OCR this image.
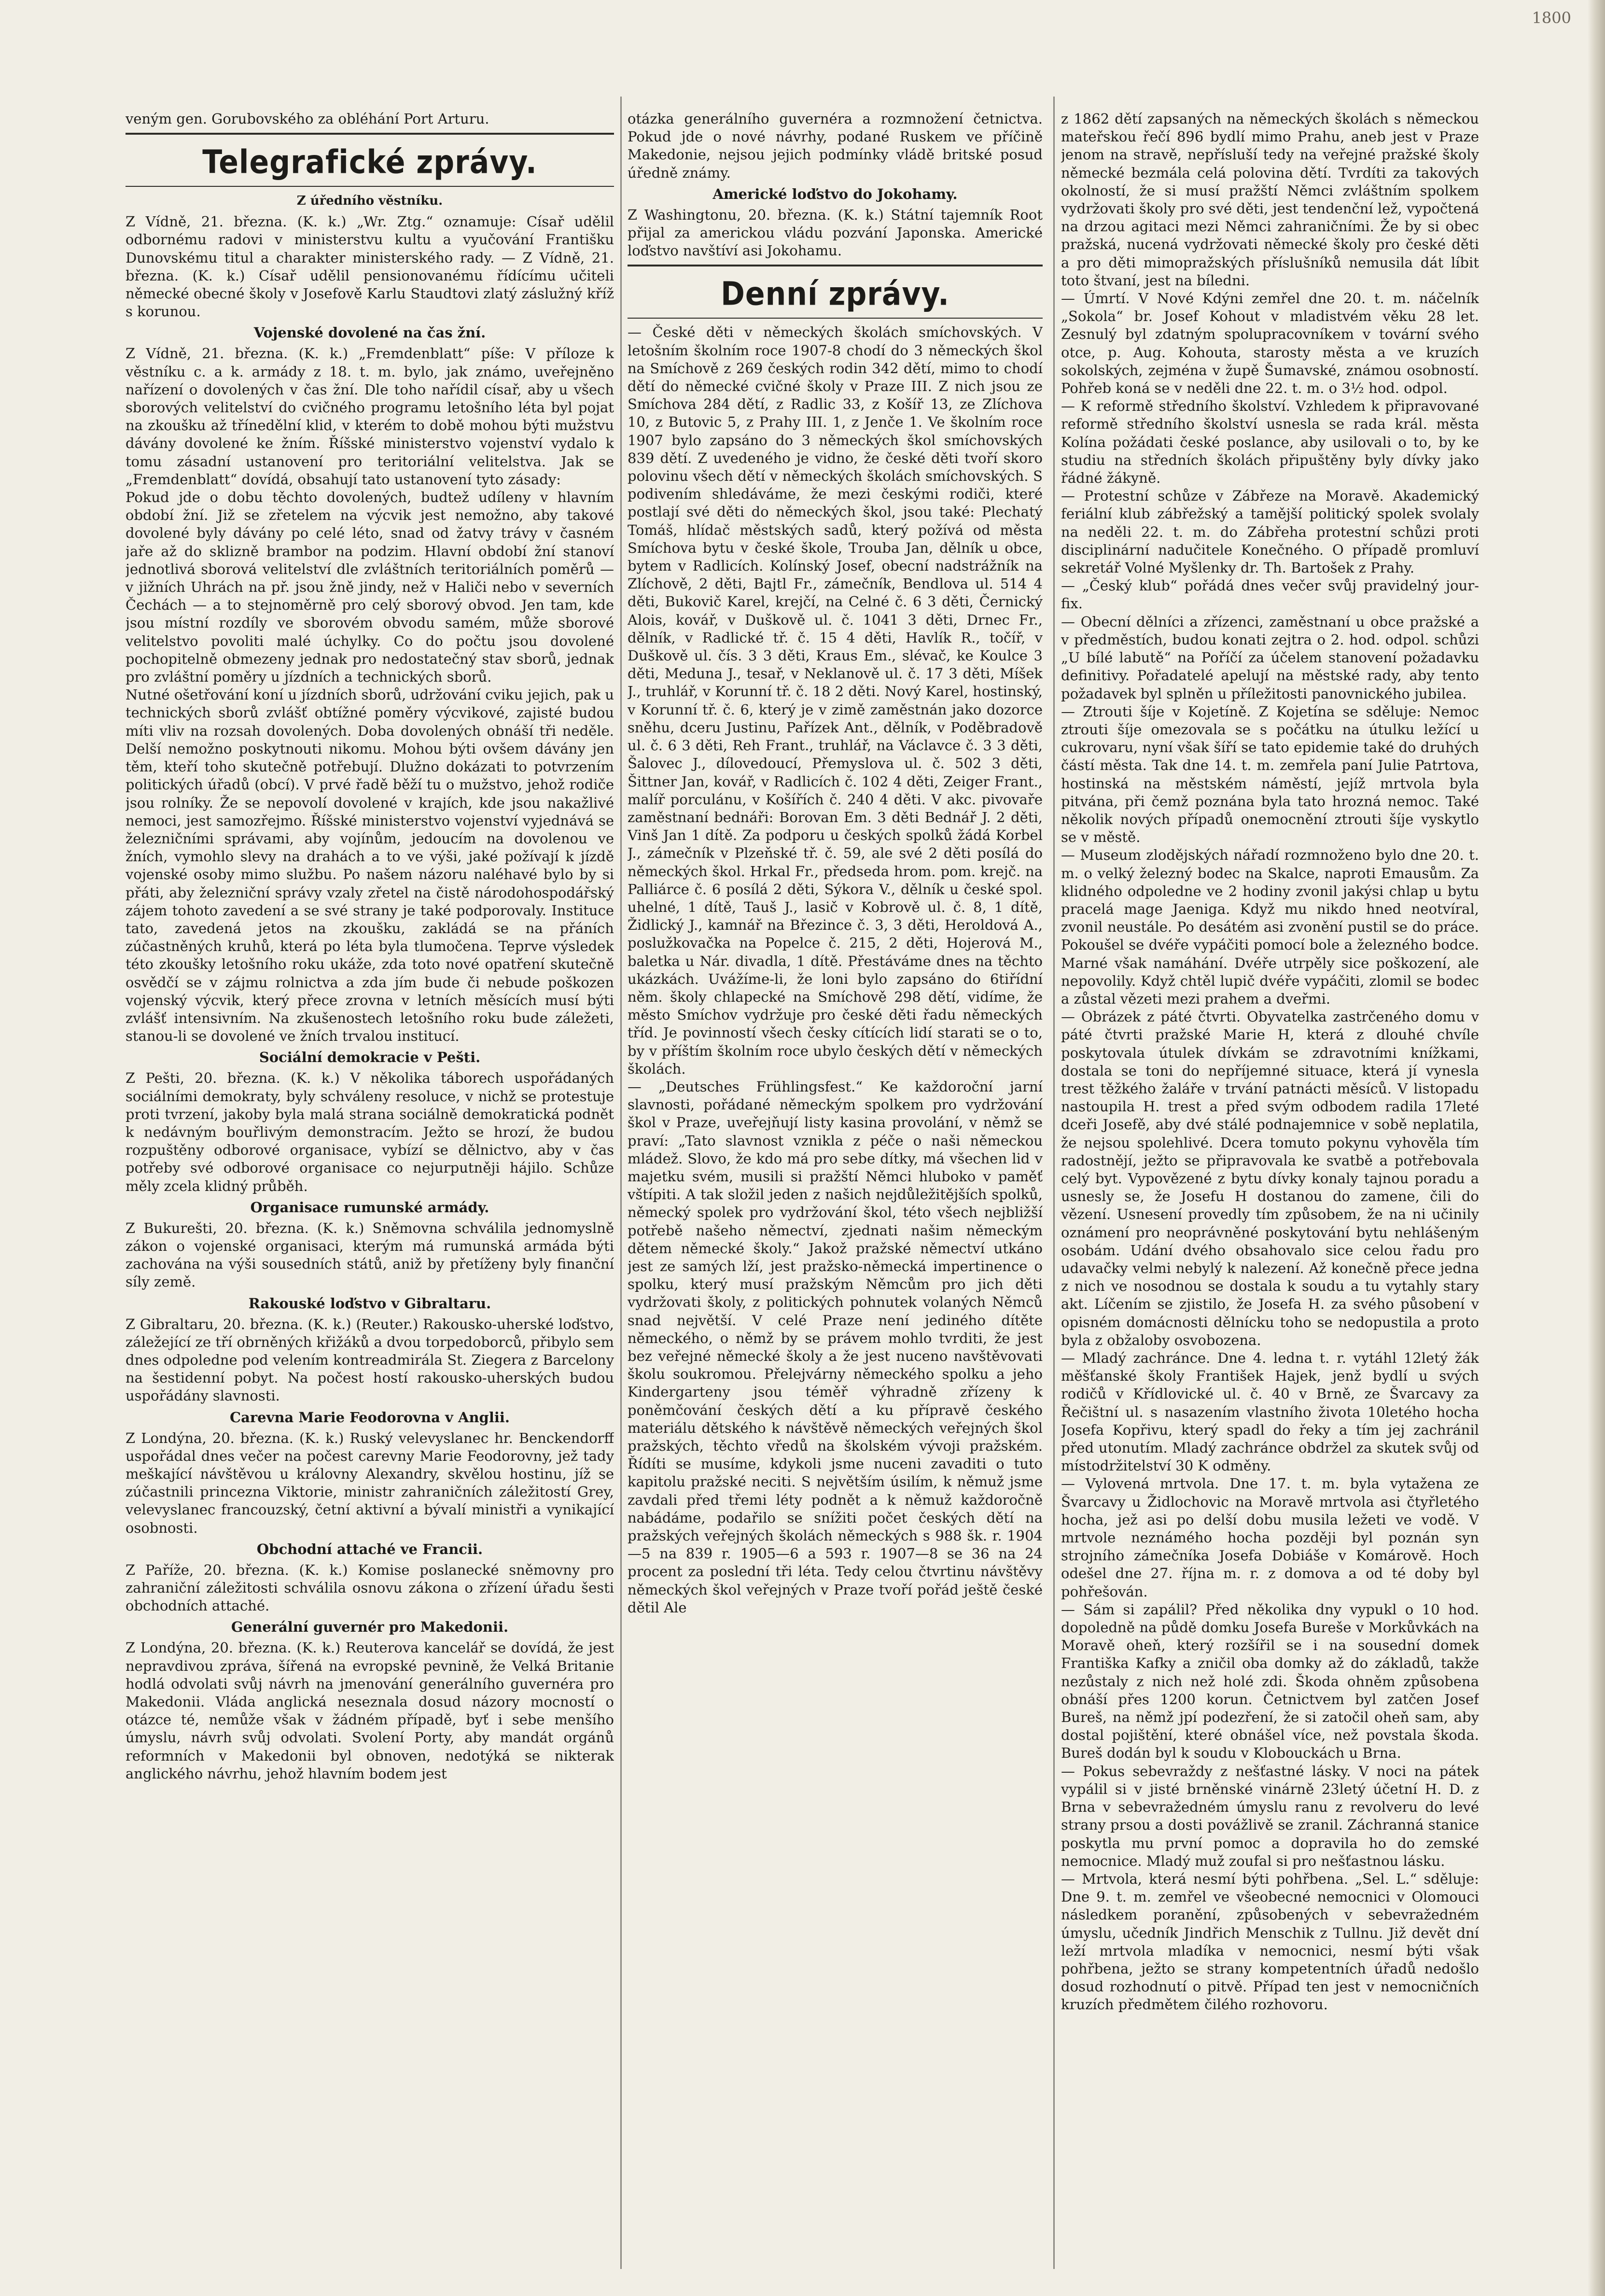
1800

veným gen. Gorubovského za obléhání Port Arturu.

Telegrafické zprávy.
Z úředního věstníku.

Z Vídně, 21. března. (K. k.) „Wr. Ztg.“ oznamuje: Císař udělil odbornému radovi v ministerstvu kultu a vyučování Františku Dunovskému titul a charakter ministerského rady. — Z Vídně, 21. března. (K. k.) Císař udělil pensionovanému řídícímu učiteli německé obecné školy v Josefově Karlu Staudtovi zlatý záslužný kříž s korunou.

Vojenské dovolené na čas žní.

Z Vídně, 21. března. (K. k.) „Fremdenblatt“ píše: V příloze k věstníku c. a k. armády z 18. t. m. bylo, jak známo, uveřejněno nařízení o dovolených v čas žní. Dle toho nařídil císař, aby u všech sborových velitelství do cvičného programu letošního léta byl pojat na zkoušku až třínedělní klid, v kterém to době mohou býti mužstvu dávány dovolené ke žním. Říšské ministerstvo vojenství vydalo k tomu zásadní ustanovení pro teritoriální velitelstva. Jak se „Fremdenblatt“ dovídá, obsahují tato ustanovení tyto zásady:

Pokud jde o dobu těchto dovolených, budtež udíleny v hlavním období žní. Již se zřetelem na výcvik jest nemožno, aby takové dovolené byly dávány po celé léto, snad od žatvy trávy v časném jaře až do sklizně brambor na podzim. Hlavní období žní stanoví jednotlivá sborová velitelství dle zvláštních teritoriálních poměrů — v jižních Uhrách na př. jsou žně jindy, než v Haliči nebo v severních Čechách — a to stejnoměrně pro celý sborový obvod. Jen tam, kde jsou místní rozdíly ve sborovém obvodu samém, může sborové velitelstvo povoliti malé úchylky. Co do počtu jsou dovolené pochopitelně obmezeny jednak pro nedostatečný stav sborů, jednak pro zvláštní poměry u jízdních a technických sborů.

Nutné ošetřování koní u jízdních sborů, udržování cviku jejich, pak u technických sborů zvlášť obtížné poměry výcvikové, zajisté budou míti vliv na rozsah dovolených. Doba dovolených obnáší tři neděle. Delší nemožno poskytnouti nikomu. Mohou býti ovšem dávány jen těm, kteří toho skutečně potřebují. Dlužno dokázati to potvrzením politických úřadů (obcí). V prvé řadě běží tu o mužstvo, jehož rodiče jsou rolníky. Že se nepovolí dovolené v krajích, kde jsou nakažlivé nemoci, jest samozřejmo. Říšské ministerstvo vojenství vyjednává se železničními správami, aby vojínům, jedoucím na dovolenou ve žních, vymohlo slevy na drahách a to ve výši, jaké požívají k jízdě vojenské osoby mimo službu. Po našem názoru naléhavé bylo by si přáti, aby železniční správy vzaly zřetel na čistě národohospodářský zájem tohoto zavedení a se své strany je také podporovaly. Instituce tato, zavedená jetos na zkoušku, zakládá se na přáních zúčastněných kruhů, která po léta byla tlumočena. Teprve výsledek této zkoušky letošního roku ukáže, zda toto nové opatření skutečně osvědčí se v zájmu rolnictva a zda jím bude či nebude poškozen vojenský výcvik, který přece zrovna v letních měsících musí býti zvlášť intensivním. Na zkušenostech letošního roku bude záležeti, stanou-li se dovolené ve žních trvalou institucí.

Sociální demokracie v Pešti.

Z Pešti, 20. března. (K. k.) V několika táborech uspořádaných sociálními demokraty, byly schváleny resoluce, v nichž se protestuje proti tvrzení, jakoby byla malá strana sociálně demokratická podnět k nedávným bouřlivým demonstracím. Ježto se hrozí, že budou rozpuštěny odborové organisace, vybízí se dělnictvo, aby v čas potřeby své odborové organisace co nejurputněji hájilo. Schůze měly zcela klidný průběh.

Organisace rumunské armády.

Z Bukurešti, 20. března. (K. k.) Sněmovna schválila jednomyslně zákon o vojenské organisaci, kterým má rumunská armáda býti zachována na výši sousedních států, aniž by přetíženy byly finanční síly země.

Rakouské loďstvo v Gibraltaru.

Z Gibraltaru, 20. března. (K. k.) (Reuter.) Rakousko-uherské loďstvo, záležející ze tří obrněných křižáků a dvou torpedoborců, přibylo sem dnes odpoledne pod velením kontreadmirála St. Ziegera z Barcelony na šestidenní pobyt. Na počest hostí rakousko-uherských budou uspořádány slavnosti.

Carevna Marie Feodorovna v Anglii.

Z Londýna, 20. března. (K. k.) Ruský velevyslanec hr. Benckendorff uspořádal dnes večer na počest carevny Marie Feodorovny, jež tady meškající návštěvou u královny Alexandry, skvělou hostinu, jíž se zúčastnili princezna Viktorie, ministr zahraničních záležitostí Grey, velevyslanec francouzský, četní aktivní a bývalí ministři a vynikající osobnosti.

Obchodní attaché ve Francii.

Z Paříže, 20. března. (K. k.) Komise poslanecké sněmovny pro zahraniční záležitosti schválila osnovu zákona o zřízení úřadu šesti obchodních attaché.

Generální guvernér pro Makedonii.

Z Londýna, 20. března. (K. k.) Reuterova kancelář se dovídá, že jest nepravdivou zpráva, šířená na evropské pevnině, že Velká Britanie hodlá odvolati svůj návrh na jmenování generálního guvernéra pro Makedonii. Vláda anglická neseznala dosud názory mocností o otázce té, nemůže však v žádném případě, byť i sebe menšího úmyslu, návrh svůj odvolati. Svolení Porty, aby mandát orgánů reformních v Makedonii byl obnoven, nedotýká se nikterak anglického návrhu, jehož hlavním bodem jest

otázka generálního guvernéra a rozmnožení četnictva. Pokud jde o nové návrhy, podané Ruskem ve příčině Makedonie, nejsou jejich podmínky vládě britské posud úředně známy.

Americké loďstvo do Jokohamy.

Z Washingtonu, 20. března. (K. k.) Státní tajemník Root přijal za americkou vládu pozvání Japonska. Americké loďstvo navštíví asi Jokohamu.

Denní zprávy.

— České děti v německých školách smíchovských. V letošním školním roce 1907-8 chodí do 3 německých škol na Smíchově z 269 českých rodin 342 dětí, mimo to chodí dětí do německé cvičné školy v Praze III. Z nich jsou ze Smíchova 284 dětí, z Radlic 33, z Košíř 13, ze Zlíchova 10, z Butovic 5, z Prahy III. 1, z Jenče 1. Ve školním roce 1907 bylo zapsáno do 3 německých škol smíchovských 839 dětí. Z uvedeného je vidno, že české děti tvoří skoro polovinu všech dětí v německých školách smíchovských. S podivením shledáváme, že mezi českými rodiči, které postlají své děti do německých škol, jsou také: Plechatý Tomáš, hlídač městských sadů, který požívá od města Smíchova bytu v české škole, Trouba Jan, dělník u obce, bytem v Radlicích. Kolínský Josef, obecní nadstrážník na Zlíchově, 2 děti, Bajtl Fr., zámečník, Bendlova ul. 514 4 děti, Bukovič Karel, krejčí, na Celné č. 6 3 děti, Černický Alois, kovář, v Duškově ul. č. 1041 3 děti, Drnec Fr., dělník, v Radlické tř. č. 15 4 děti, Havlík R., točíř, v Duškově ul. čís. 3 3 děti, Kraus Em., slévač, ke Koulce 3 děti, Meduna J., tesař, v Neklanově ul. č. 17 3 děti, Míšek J., truhlář, v Korunní tř. č. 18 2 děti. Nový Karel, hostinský, v Korunní tř. č. 6, který je v zimě zaměstnán jako dozorce sněhu, dceru Justinu, Pařízek Ant., dělník, v Poděbradově ul. č. 6 3 děti, Reh Frant., truhlář, na Václavce č. 3 3 děti, Šalovec J., dílovedoucí, Přemyslova ul. č. 502 3 děti, Šittner Jan, kovář, v Radlicích č. 102 4 děti, Zeiger Frant., malíř porculánu, v Košířích č. 240 4 děti. V akc. pivovaře zaměstnaní bednáři: Borovan Em. 3 děti Bednář J. 2 děti, Vinš Jan 1 dítě. Za podporu u českých spolků žádá Korbel J., zámečník v Plzeňské tř. č. 59, ale své 2 děti posílá do německých škol. Hrkal Fr., předseda hrom. pom. krejč. na Palliárce č. 6 posílá 2 děti, Sýkora V., dělník u české spol. uhelné, 1 dítě, Tauš J., lasič v Kobrově ul. č. 8, 1 dítě, Židlický J., kamnář na Březince č. 3, 3 děti, Heroldová A., poslužkovačka na Popelce č. 215, 2 děti, Hojerová M., baletka u Nár. divadla, 1 dítě. Přestáváme dnes na těchto ukázkách. Uvážíme-li, že loni bylo zapsáno do 6tiřídní něm. školy chlapecké na Smíchově 298 dětí, vidíme, že město Smíchov vydržuje pro české děti řadu německých tříd. Je povinností všech česky cítících lidí starati se o to, by v příštím školním roce ubylo českých dětí v německých školách.

— „Deutsches Frühlingsfest.“ Ke každoroční jarní slavnosti, pořádané německým spolkem pro vydržování škol v Praze, uveřejňují listy kasina provolání, v němž se praví: „Tato slavnost vznikla z péče o naši německou mládež. Slovo, že kdo má pro sebe dítky, má všechen lid v majetku svém, musili si pražští Němci hluboko v paměť vštípiti. A tak složil jeden z našich nejdůležitějších spolků, německý spolek pro vydržování škol, této všech nejbližší potřebě našeho němectví, zjednati našim německým dětem německé školy.“ Jakož pražské němectví utkáno jest ze samých lží, jest pražsko-německá impertinence o spolku, který musí pražským Němcům pro jich děti vydržovati školy, z politických pohnutek volaných Němců snad největší. V celé Praze není jediného dítěte německého, o němž by se právem mohlo tvrditi, že jest bez veřejné německé školy a že jest nuceno navštěvovati školu soukromou. Přelejvárny německého spolku a jeho Kindergarteny jsou téměř výhradně zřízeny k poněmčování českých dětí a ku přípravě českého materiálu dětského k návštěvě německých veřejných škol pražských, těchto vředů na školském vývoji pražském. Řídíti se musíme, kdykoli jsme nuceni zavaditi o tuto kapitolu pražské neciti. S největším úsilím, k němuž jsme zavdali před třemi léty podnět a k němuž každoročně nabádáme, podařilo se snížiti počet českých dětí na pražských veřejných školách německých s 988 šk. r. 1904—5 na 839 r. 1905—6 a 593 r. 1907—8 se 36 na 24 procent za poslední tři léta. Tedy celou čtvrtinu návštěvy německých škol veřejných v Praze tvoří pořád ještě české dětil Ale

z 1862 dětí zapsaných na německých školách s německou mateřskou řečí 896 bydlí mimo Prahu, aneb jest v Praze jenom na stravě, nepřísluší tedy na veřejné pražské školy německé bezmála celá polovina dětí. Tvrdíti za takových okolností, že si musí pražští Němci zvláštním spolkem vydržovati školy pro své děti, jest tendenční lež, vypočtená na drzou agitaci mezi Němci zahraničními. Že by si obec pražská, nucená vydržovati německé školy pro české děti a pro děti mimopražských příslušníků nemusila dát líbit toto štvaní, jest na bíledni.

— Úmrtí. V Nové Kdýni zemřel dne 20. t. m. náčelník „Sokola“ br. Josef Kohout v mladistvém věku 28 let. Zesnulý byl zdatným spolupracovníkem v tovární svého otce, p. Aug. Kohouta, starosty města a ve kruzích sokolských, zejména v župě Šumavské, známou osobností. Pohřeb koná se v neděli dne 22. t. m. o 3½ hod. odpol.

— K reformě středního školství. Vzhledem k připravované reformě středního školství usnesla se rada král. města Kolína požádati české poslance, aby usilovali o to, by ke studiu na středních školách připuštěny byly dívky jako řádné žákyně.

— Protestní schůze v Zábřeze na Moravě. Akademický feriální klub zábřežský a tamější politický spolek svolaly na neděli 22. t. m. do Zábřeha protestní schůzi proti disciplinární nadučitele Konečného. O případě promluví sekretář Volné Myšlenky dr. Th. Bartošek z Prahy.

— „Český klub“ pořádá dnes večer svůj pravidelný jour-fix.

— Obecní dělníci a zřízenci, zaměstnaní u obce pražské a v předměstích, budou konati zejtra o 2. hod. odpol. schůzi „U bílé labutě“ na Poříčí za účelem stanovení požadavku definitivy. Pořadatelé apelují na městské rady, aby tento požadavek byl splněn u příležitosti panovnického jubilea.

— Ztrouti šíje v Kojetíně. Z Kojetína se sděluje: Nemoc ztrouti šíje omezovala se s počátku na útulku ležící u cukrovaru, nyní však šíří se tato epidemie také do druhých částí města. Tak dne 14. t. m. zemřela paní Julie Patrtova, hostinská na městském náměstí, jejíž mrtvola byla pitvána, při čemž poznána byla tato hrozná nemoc. Také několik nových případů onemocnění ztrouti šíje vyskytlo se v městě.

— Museum zlodějských nářadí rozmnoženo bylo dne 20. t. m. o velký železný bodec na Skalce, naproti Emausům. Za klidného odpoledne ve 2 hodiny zvonil jakýsi chlap u bytu pracelá mage Jaeniga. Když mu nikdo hned neotvíral, zvonil neustále. Po desátém asi zvonění pustil se do práce. Pokoušel se dvéře vypáčiti pomocí bole a železného bodce. Marné však namáhání. Dvéře utrpěly sice poškození, ale nepovolily. Když chtěl lupič dvéře vypáčiti, zlomil se bodec a zůstal vězeti mezi prahem a dveřmi.

— Obrázek z páté čtvrti. Obyvatelka zastrčeného domu v páté čtvrti pražské Marie H, která z dlouhé chvíle poskytovala útulek dívkám se zdravotními knížkami, dostala se toni do nepříjemné situace, která jí vynesla trest těžkého žaláře v trvání patnácti měsíců. V listopadu nastoupila H. trest a před svým odbodem radila 17leté dceři Josefě, aby dvé stálé podnajemnice v sobě neplatila, že nejsou spolehlivé. Dcera tomuto pokynu vyhověla tím radostnějí, ježto se připravovala ke svatbě a potřebovala celý byt. Vypovězené z bytu dívky konaly tajnou poradu a usnesly se, že Josefu H dostanou do zamene, čili do vězení. Usnesení provedly tím způsobem, že na ni učinily oznámení pro neoprávněné poskytování bytu nehlášeným osobám. Udání dvého obsahovalo sice celou řadu pro udavačky velmi nebylý k nalezení. Až konečně přece jedna z nich ve nosodnou se dostala k soudu a tu vytahly stary akt. Líčením se zjistilo, že Josefa H. za svého působení v opisném domácnosti dělnícku toho se nedopustila a proto byla z obžaloby osvobozena.

— Mladý zachránce. Dne 4. ledna t. r. vytáhl 12letý žák měšťanské školy František Hajek, jenž bydlí u svých rodičů v Křídlovické ul. č. 40 v Brně, ze Švarcavy za Řečištní ul. s nasazením vlastního života 10letého hocha Josefa Kopřivu, který spadl do řeky a tím jej zachránil před utonutím. Mladý zachránce obdržel za skutek svůj od místodržitelství 30 K odměny.

— Vylovená mrtvola. Dne 17. t. m. byla vytažena ze Švarcavy u Židlochovic na Moravě mrtvola asi čtyřletého hocha, jež asi po delší dobu musila ležeti ve vodě. V mrtvole neznámého hocha později byl poznán syn strojního zámečníka Josefa Dobiáše v Komárově. Hoch odešel dne 27. října m. r. z domova a od té doby byl pohřešován.

— Sám si zapálil? Před několika dny vypukl o 10 hod. dopoledně na půdě domku Josefa Bureše v Morkůvkách na Moravě oheň, který rozšířil se i na sousední domek Františka Kafky a zničil oba domky až do základů, takže nezůstaly z nich než holé zdi. Škoda ohněm způsobena obnáší přes 1200 korun. Četnictvem byl zatčen Josef Bureš, na němž jpí podezření, že si zatočil oheň sam, aby dostal pojištění, které obnášel více, než povstala škoda. Bureš dodán byl k soudu v Klobouckách u Brna.

— Pokus sebevraždy z nešťastné lásky. V noci na pátek vypálil si v jisté brněnské vinárně 23letý účetní H. D. z Brna v sebevražedném úmyslu ranu z revolveru do levé strany prsou a dosti povážlivě se zranil. Záchranná stanice poskytla mu první pomoc a dopravila ho do zemské nemocnice. Mladý muž zoufal si pro nešťastnou lásku.

— Mrtvola, která nesmí býti pohřbena. „Sel. L.“ sděluje: Dne 9. t. m. zemřel ve všeobecné nemocnici v Olomouci následkem poranění, způsobených v sebevražedném úmyslu, učedník Jindřich Menschik z Tullnu. Již devět dní leží mrtvola mladíka v nemocnici, nesmí býti však pohřbena, ježto se strany kompetentních úřadů nedošlo dosud rozhodnutí o pitvě. Případ ten jest v nemocničních kruzích předmětem čilého rozhovoru.
